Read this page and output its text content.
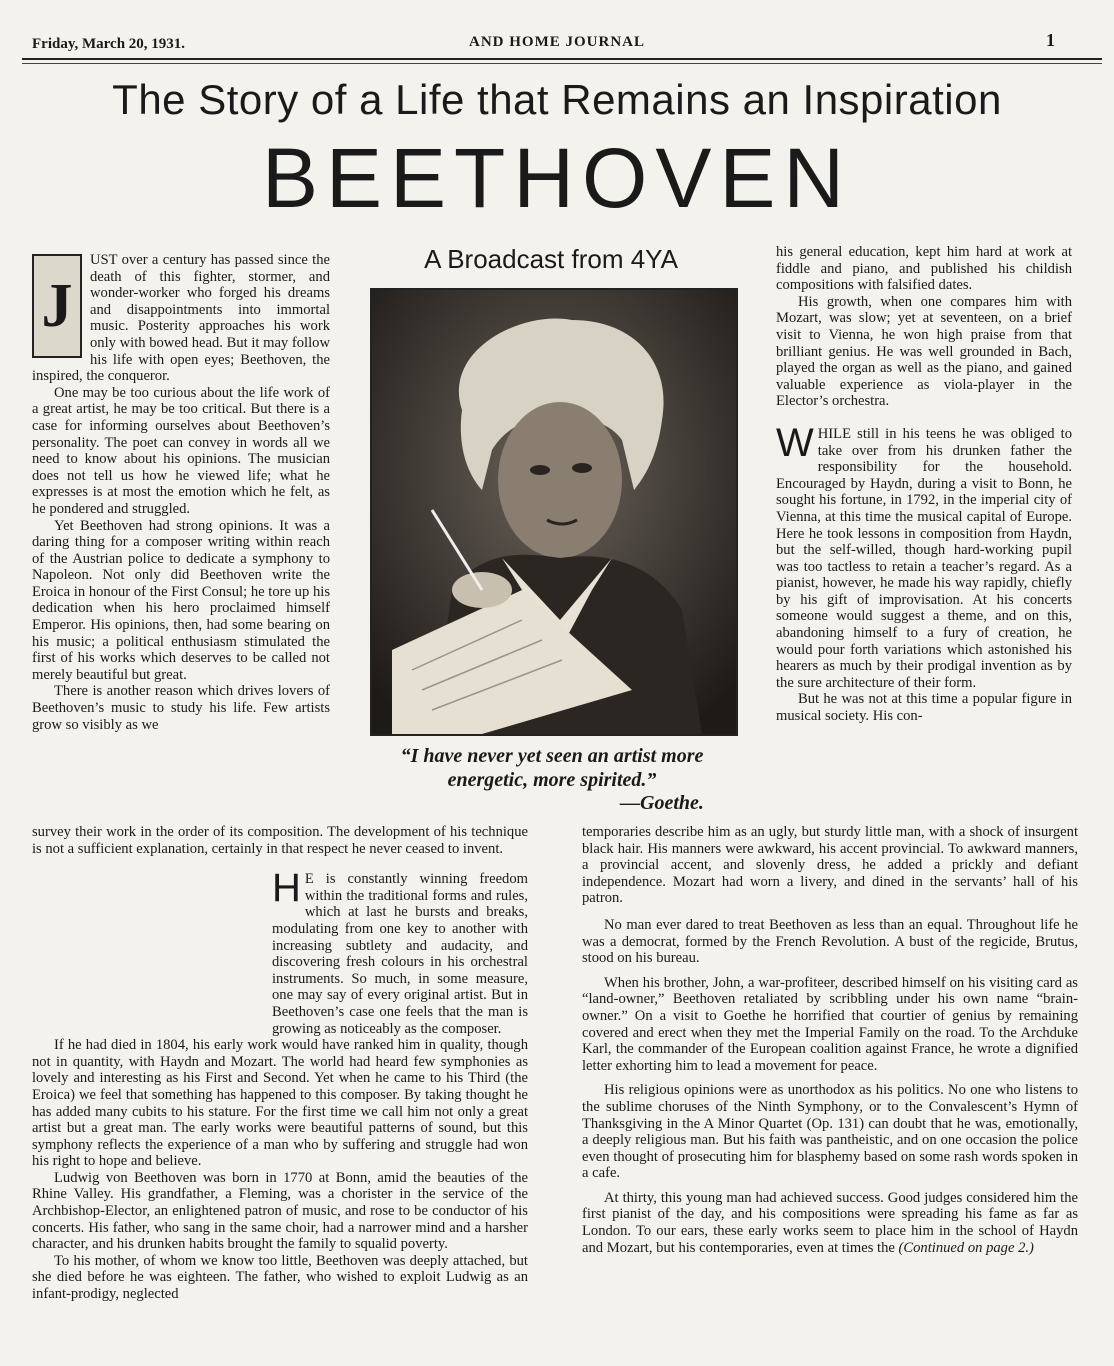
Friday, March 20, 1931.	AND HOME JOURNAL	1
The Story of a Life that Remains an Inspiration
BEETHOVEN
J

UST over a century has passed since the death of this fighter, stormer, and wonder-worker who forged his dreams and disappointments into immortal music. Posterity approaches his work only with bowed head. But it may follow his life with open eyes; Beethoven, the inspired, the conqueror.

One may be too curious about the life work of a great artist, he may be too critical. But there is a case for informing ourselves about Beethoven’s personality. The poet can convey in words all we need to know about his opinions. The musician does not tell us how he viewed life; what he expresses is at most the emotion which he felt, as he pondered and struggled.

Yet Beethoven had strong opinions. It was a daring thing for a composer writing within reach of the Austrian police to dedicate a symphony to Napoleon. Not only did Beethoven write the Eroica in honour of the First Consul; he tore up his dedication when his hero proclaimed himself Emperor. His opinions, then, had some bearing on his music; a political enthusiasm stimulated the first of his works which deserves to be called not merely beautiful but great.

There is another reason which drives lovers of Beethoven’s music to study his life. Few artists grow so visibly as we

survey their work in the order of its composition. The development of his technique is not a sufficient explanation, certainly in that respect he never ceased to invent.

H E is constantly winning freedom within the traditional forms and rules, which at last he bursts and breaks, modulating from one key to another with increasing subtlety and audacity, and discovering fresh colours in his orchestral instruments. So much, in some measure, one may say of every original artist. But in Beethoven’s case one feels that the man is growing as noticeably as the composer.

If he had died in 1804, his early work would have ranked him in quality, though not in quantity, with Haydn and Mozart. The world had heard few symphonies as lovely and interesting as his First and Second. Yet when he came to his Third (the Eroica) we feel that something has happened to this composer. By taking thought he has added many cubits to his stature. For the first time we call him not only a great artist but a great man. The early works were beautiful patterns of sound, but this symphony reflects the experience of a man who by suffering and struggle had won his right to hope and believe.

Ludwig von Beethoven was born in 1770 at Bonn, amid the beauties of the Rhine Valley. His grandfather, a Fleming, was a chorister in the service of the Archbishop-Elector, an enlightened patron of music, and rose to be conductor of his concerts. His father, who sang in the same choir, had a narrower mind and a harsher character, and his drunken habits brought the family to squalid poverty.

To his mother, of whom we know too little, Beethoven was deeply attached, but she died before he was eighteen. The father, who wished to exploit Ludwig as an infant-prodigy, neglected

A Broadcast from 4YA
“I have never yet seen an artist more energetic, more spirited.”
—Goethe.

his general education, kept him hard at work at fiddle and piano, and published his childish compositions with falsified dates.

His growth, when one compares him with Mozart, was slow; yet at seventeen, on a brief visit to Vienna, he won high praise from that brilliant genius. He was well grounded in Bach, played the organ as well as the piano, and gained valuable experience as viola-player in the Elector’s orchestra.

WHILE still in his teens he was obliged to take over from his drunken father the responsibility for the household. Encouraged by Haydn, during a visit to Bonn, he sought his fortune, in 1792, in the imperial city of Vienna, at this time the musical capital of Europe. Here he took lessons in composition from Haydn, but the self-willed, though hard-working pupil was too tactless to retain a teacher’s regard. As a pianist, however, he made his way rapidly, chiefly by his gift of improvisation. At his concerts someone would suggest a theme, and on this, abandoning himself to a fury of creation, he would pour forth variations which astonished his hearers as much by their prodigal invention as by the sure architecture of their form.

But he was not at this time a popular figure in musical society. His con-

temporaries describe him as an ugly, but sturdy little man, with a shock of insurgent black hair. His manners were awkward, his accent provincial. To awkward manners, a provincial accent, and slovenly dress, he added a prickly and defiant independence. Mozart had worn a livery, and dined in the servants’ hall of his patron.

No man ever dared to treat Beethoven as less than an equal. Throughout life he was a democrat, formed by the French Revolution. A bust of the regicide, Brutus, stood on his bureau.

When his brother, John, a war-profiteer, described himself on his visiting card as “land-owner,” Beethoven retaliated by scribbling under his own name “brain-owner.” On a visit to Goethe he horrified that courtier of genius by remaining covered and erect when they met the Imperial Family on the road. To the Archduke Karl, the commander of the European coalition against France, he wrote a dignified letter exhorting him to lead a movement for peace.

His religious opinions were as unorthodox as his politics. No one who listens to the sublime choruses of the Ninth Symphony, or to the Convalescent’s Hymn of Thanksgiving in the A Minor Quartet (Op. 131) can doubt that he was, emotionally, a deeply religious man. But his faith was pantheistic, and on one occasion the police even thought of prosecuting him for blasphemy based on some rash words spoken in a cafe.

At thirty, this young man had achieved success. Good judges considered him the first pianist of the day, and his compositions were spreading his fame as far as London. To our ears, these early works seem to place him in the school of Haydn and Mozart, but his contemporaries, even at times the (Continued on page 2.)
